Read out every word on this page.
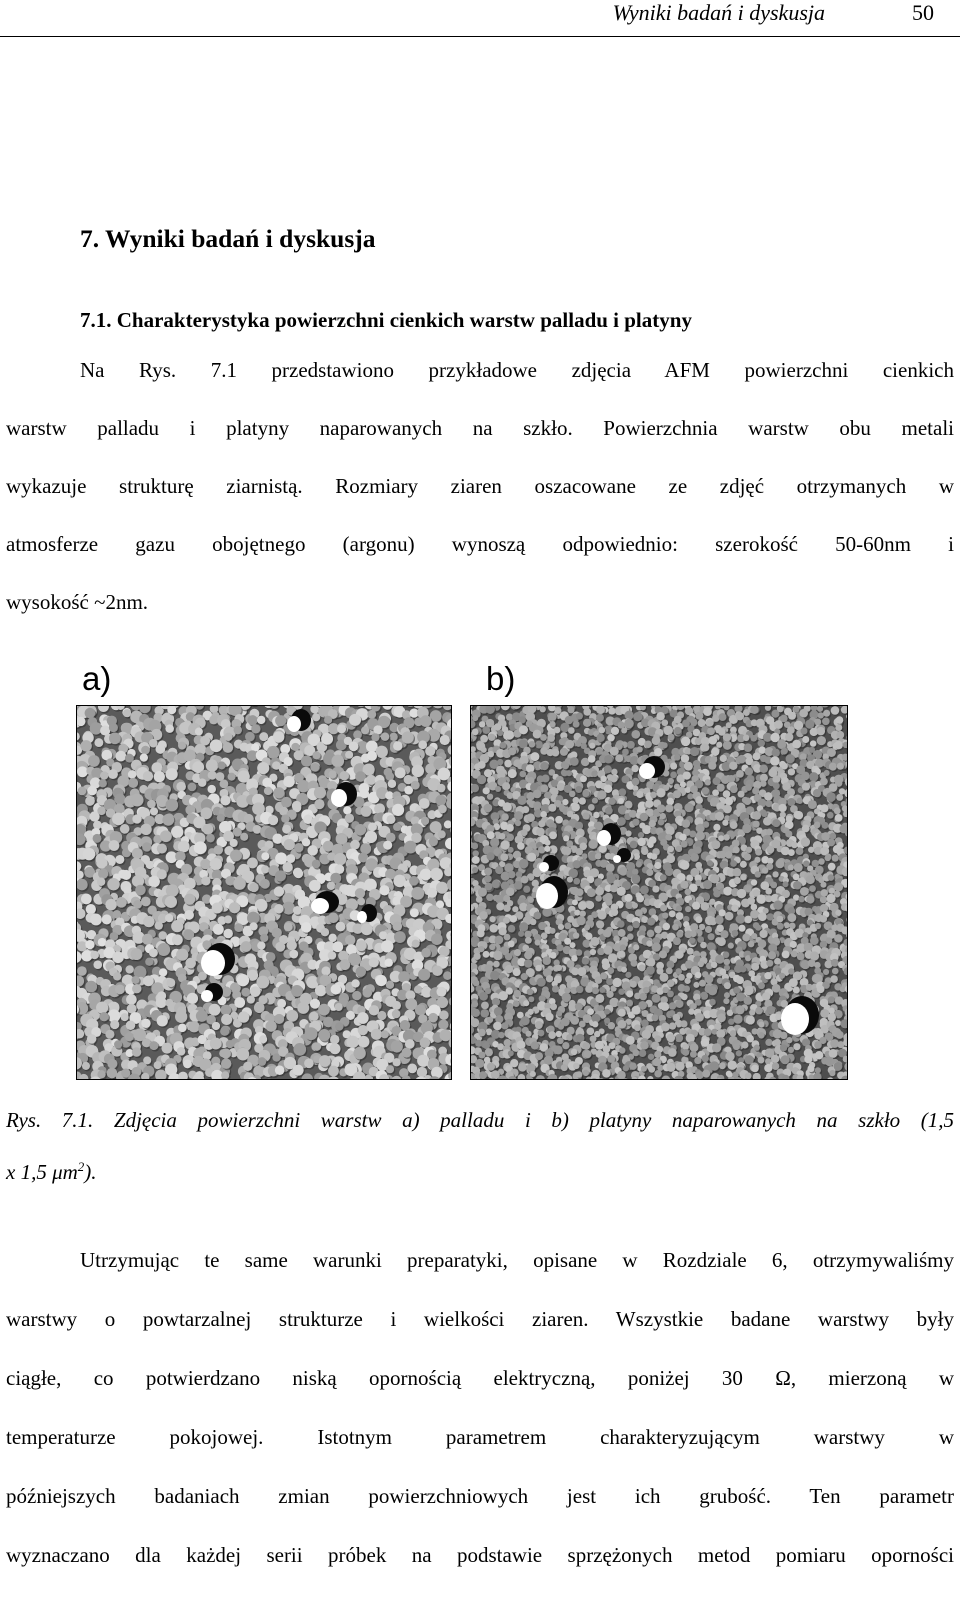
Wyniki badań i dyskusja	50
7. Wyniki badań i dyskusja
7.1. Charakterystyka powierzchni cienkich warstw palladu i platyny
Na Rys. 7.1 przedstawiono przykładowe zdjęcia AFM powierzchni cienkich
warstw palladu i platyny naparowanych na szkło. Powierzchnia warstw obu metali
wykazuje strukturę ziarnistą. Rozmiary ziaren oszacowane ze zdjęć otrzymanych w
atmosferze gazu obojętnego (argonu) wynoszą odpowiednio: szerokość 50-60nm i
wysokość ~2nm.
a)	b)
Rys. 7.1. Zdjęcia powierzchni warstw a) palladu i b) platyny naparowanych na szkło (1,5
x 1,5 $\mu m^2$).
Utrzymując te same warunki preparatyki, opisane w Rozdziale 6, otrzymywaliśmy
warstwy o powtarzalnej strukturze i wielkości ziaren. Wszystkie badane warstwy były
ciągłe, co potwierdzano niską opornością elektryczną, poniżej 30 Ω, mierzoną w
temperaturze pokojowej. Istotnym parametrem charakteryzującym warstwy w
późniejszych badaniach zmian powierzchniowych jest ich grubość. Ten parametr
wyznaczano dla każdej serii próbek na podstawie sprzężonych metod pomiaru oporności
